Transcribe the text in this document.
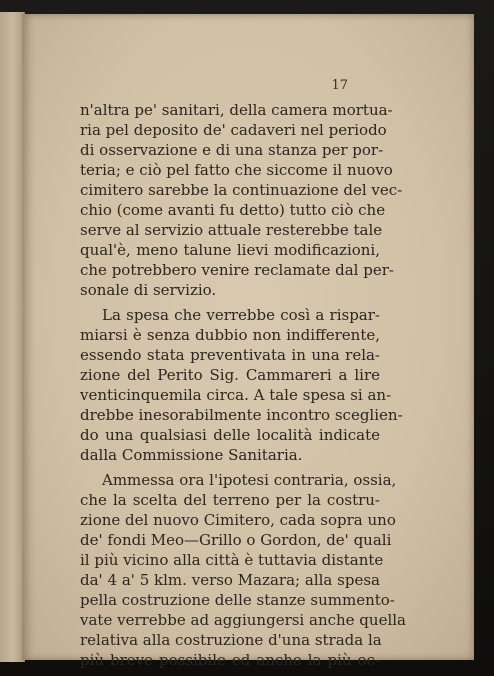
17
n'altra pe' sanitari, della camera mortua-
ria pel deposito de' cadaveri nel periodo
di osservazione e di una stanza per por-
teria; e ciò pel fatto che siccome il nuovo
cimitero sarebbe la continuazione del vec-
chio (come avanti fu detto) tutto ciò che
serve al servizio attuale resterebbe tale
qual'è, meno talune lievi modificazioni,
che potrebbero venire reclamate dal per-
sonale di servizio.
La spesa che verrebbe così a rispar-
miarsi è senza dubbio non indifferente,
essendo stata preventivata in una rela-
zione del Perito Sig. Cammareri a lire
venticinquemila circa. A tale spesa si an-
drebbe inesorabilmente incontro sceglien-
do una qualsiasi delle località indicate
dalla Commissione Sanitaria.
Ammessa ora l'ipotesi contraria, ossia,
che la scelta del terreno per la costru-
zione del nuovo Cimitero, cada sopra uno
de' fondi Meo—Grillo o Gordon, de' quali
il più vicino alla città è tuttavia distante
da' 4 a' 5 klm. verso Mazara; alla spesa
pella costruzione delle stanze summento-
vate verrebbe ad aggiungersi anche quella
relativa alla costruzione d'una strada la
più breve possibile ed anche la più oc-
